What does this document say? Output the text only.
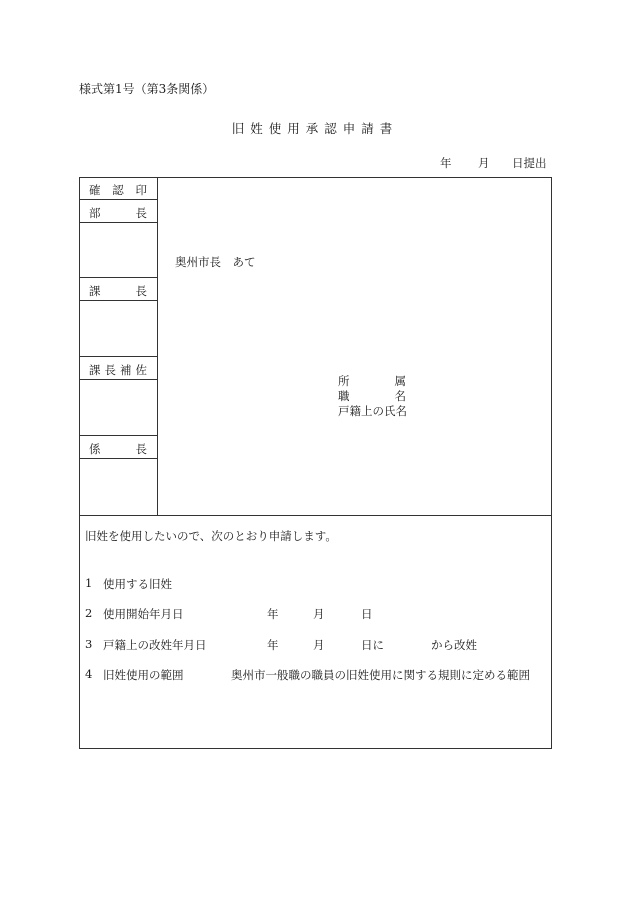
様式第1号（第3条関係）
旧姓使用承認申請書
年 月 日提出
確 認 印
部	長
課	長
課 長 補 佐
係	長
奥州市長　あて
所	属
職	名
戸籍上の氏名
旧姓を使用したいので、次のとおり申請します。
1 使用する旧姓
2 使用開始年月日	年	月	日
3 戸籍上の改姓年月日	年	月	日に	から改姓
4 旧姓使用の範囲	奥州市一般職の職員の旧姓使用に関する規則に定める範囲
